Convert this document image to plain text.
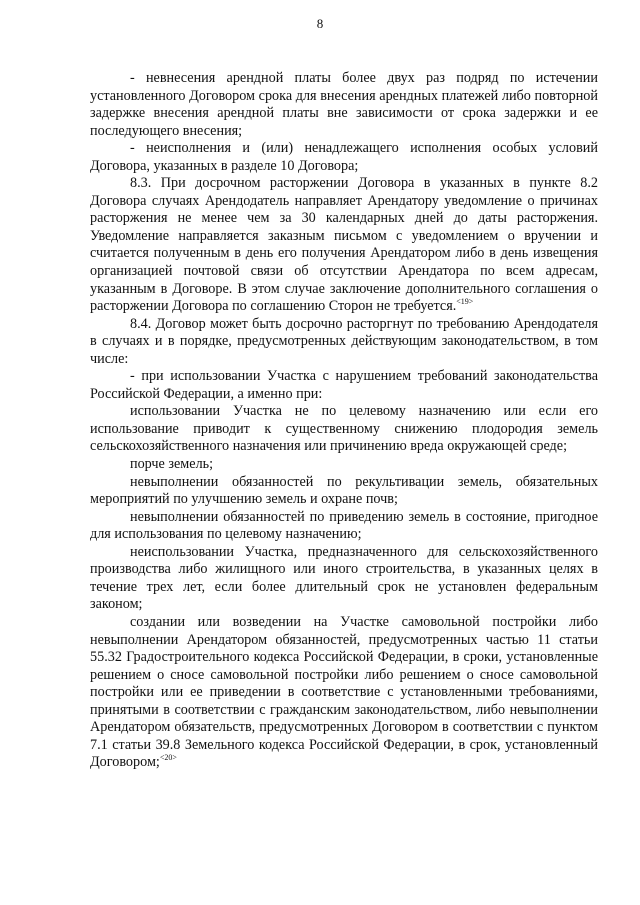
8

- невнесения арендной платы более двух раз подряд по истечении установленного Договором срока для внесения арендных платежей либо повторной задержке внесения арендной платы вне зависимости от срока задержки и ее последующего внесения;

- неисполнения и (или) ненадлежащего исполнения особых условий Договора, указанных в разделе 10 Договора;

8.3. При досрочном расторжении Договора в указанных в пункте 8.2 Договора случаях Арендодатель направляет Арендатору уведомление о причинах расторжения не менее чем за 30 календарных дней до даты расторжения. Уведомление направляется заказным письмом с уведомлением о вручении и считается полученным в день его получения Арендатором либо в день извещения организацией почтовой связи об отсутствии Арендатора по всем адресам, указанным в Договоре. В этом случае заключение дополнительного соглашения о расторжении Договора по соглашению Сторон не требуется.$^{<19>}$

8.4. Договор может быть досрочно расторгнут по требованию Арендодателя в случаях и в порядке, предусмотренных действующим законодательством, в том числе:

- при использовании Участка с нарушением требований законодательства Российской Федерации, а именно при:

использовании Участка не по целевому назначению или если его использование приводит к существенному снижению плодородия земель сельскохозяйственного назначения или причинению вреда окружающей среде;

порче земель;

невыполнении обязанностей по рекультивации земель, обязательных мероприятий по улучшению земель и охране почв;

невыполнении обязанностей по приведению земель в состояние, пригодное для использования по целевому назначению;

неиспользовании Участка, предназначенного для сельскохозяйственного производства либо жилищного или иного строительства, в указанных целях в течение трех лет, если более длительный срок не установлен федеральным законом;

создании или возведении на Участке самовольной постройки либо невыполнении Арендатором обязанностей, предусмотренных частью 11 статьи 55.32 Градостроительного кодекса Российской Федерации, в сроки, установленные решением о сносе самовольной постройки либо решением о сносе самовольной постройки или ее приведении в соответствие с установленными требованиями, принятыми в соответствии с гражданским законодательством, либо невыполнении Арендатором обязательств, предусмотренных Договором в соответствии с пунктом 7.1 статьи 39.8 Земельного кодекса Российской Федерации, в срок, установленный Договором;$^{<20>}$
